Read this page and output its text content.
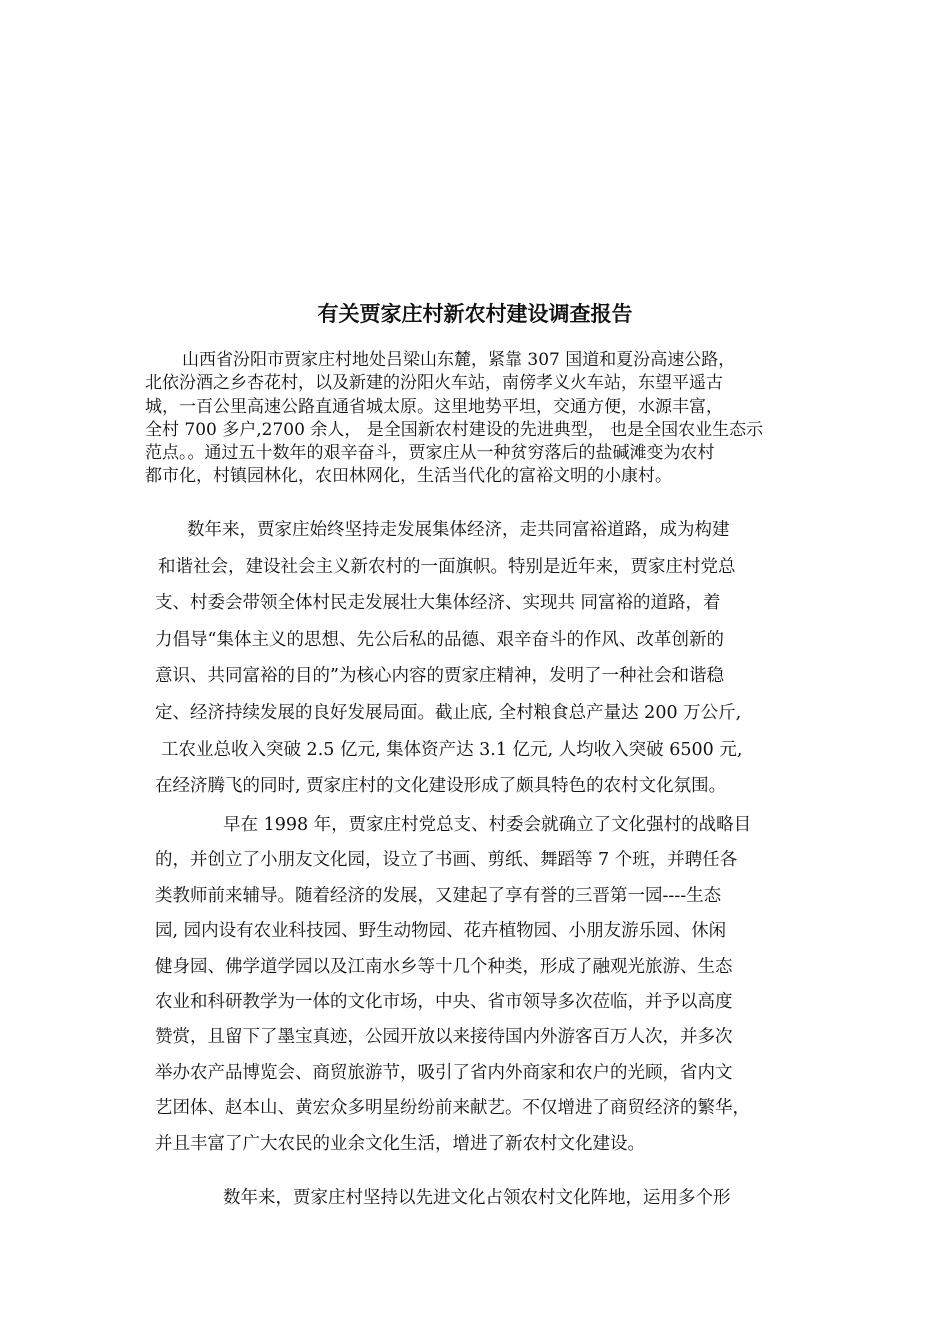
有关贾家庄村新农村建设调查报告
山西省汾阳市贾家庄村地处吕梁山东麓，紧靠 307 国道和夏汾高速公路，
北依汾酒之乡杏花村，以及新建的汾阳火车站，南傍孝义火车站，东望平遥古
城，一百公里高速公路直通省城太原。这里地势平坦，交通方便，水源丰富，
全村 700 多户,2700 余人， 是全国新农村建设的先进典型， 也是全国农业生态示
范点。。通过五十数年的艰辛奋斗，贾家庄从一种贫穷落后的盐碱滩变为农村
都市化，村镇园林化，农田林网化，生活当代化的富裕文明的小康村。
数年来，贾家庄始终坚持走发展集体经济，走共同富裕道路，成为构建
和谐社会，建设社会主义新农村的一面旗帜。特别是近年来，贾家庄村党总
支、村委会带领全体村民走发展壮大集体经济、实现共 同富裕的道路，着
力倡导“集体主义的思想、先公后私的品德、艰辛奋斗的作风、改革创新的
意识、共同富裕的目的”为核心内容的贾家庄精神，发明了一种社会和谐稳
定、经济持续发展的良好发展局面。截止底, 全村粮食总产量达 200 万公斤,
工农业总收入突破 2.5 亿元, 集体资产达 3.1 亿元, 人均收入突破 6500 元,
在经济腾飞的同时, 贾家庄村的文化建设形成了颇具特色的农村文化氛围。
早在 1998 年，贾家庄村党总支、村委会就确立了文化强村的战略目
的，并创立了小朋友文化园，设立了书画、剪纸、舞蹈等 7 个班，并聘任各
类教师前来辅导。随着经济的发展，又建起了享有誉的三晋第一园----生态
园, 园内设有农业科技园、野生动物园、花卉植物园、小朋友游乐园、休闲
健身园、佛学道学园以及江南水乡等十几个种类，形成了融观光旅游、生态
农业和科研教学为一体的文化市场，中央、省市领导多次莅临，并予以高度
赞赏，且留下了墨宝真迹，公园开放以来接待国内外游客百万人次，并多次
举办农产品博览会、商贸旅游节，吸引了省内外商家和农户的光顾，省内文
艺团体、赵本山、黄宏众多明星纷纷前来献艺。不仅增进了商贸经济的繁华，
并且丰富了广大农民的业余文化生活，增进了新农村文化建设。
数年来，贾家庄村坚持以先进文化占领农村文化阵地，运用多个形
